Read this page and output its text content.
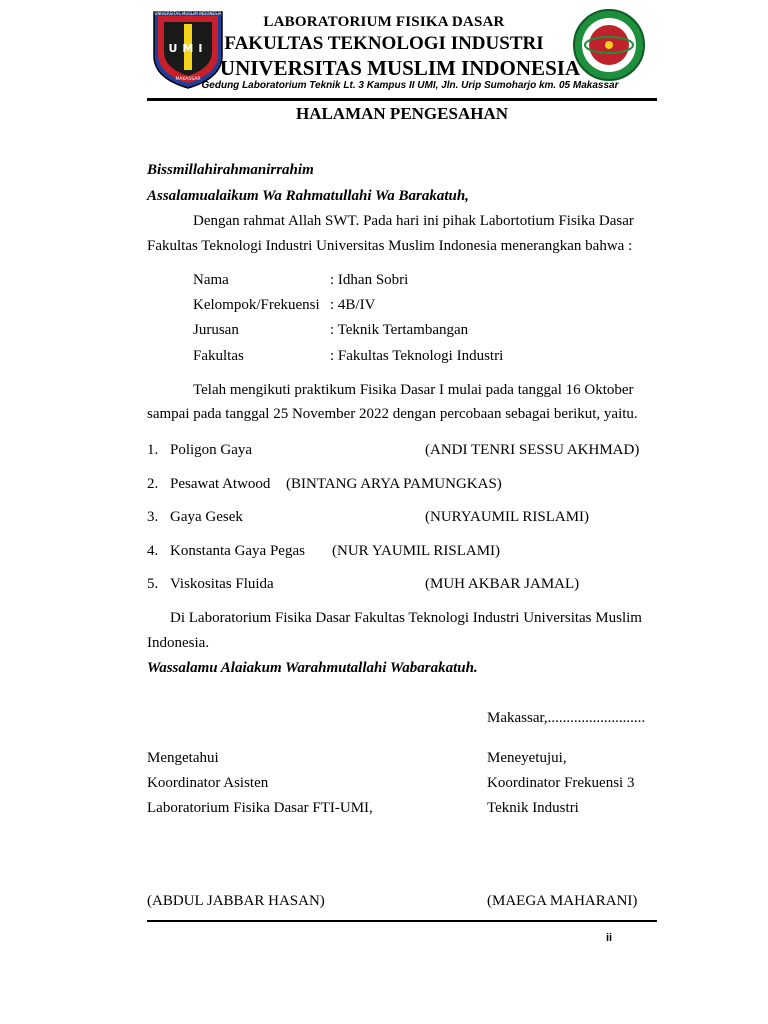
UNIVERSITAS MUSLIM INDONESIA
UMI
MAKASSAR
LABORATORIUM FISIKA DASAR
FAKULTAS TEKNOLOGI INDUSTRI
UNIVERSITAS MUSLIM INDONESIA
Gedung Laboratorium Teknik Lt. 3 Kampus II UMI, Jln. Urip Sumoharjo km. 05 Makassar
HALAMAN PENGESAHAN
Bissmillahirahmanirrahim
Assalamualaikum Wa Rahmatullahi Wa Barakatuh,
Dengan rahmat Allah SWT. Pada hari ini pihak Labortotium Fisika Dasar
Fakultas Teknologi Industri Universitas Muslim Indonesia menerangkan bahwa :
Nama	: Idhan Sobri
Kelompok/Frekuensi : 4B/IV
Jurusan	: Teknik Tertambangan
Fakultas	: Fakultas Teknologi Industri
Telah mengikuti praktikum Fisika Dasar I mulai pada tanggal 16 Oktober
sampai pada tanggal 25 November 2022 dengan percobaan sebagai berikut, yaitu.
1. Poligon Gaya	(ANDI TENRI SESSU AKHMAD)
2. Pesawat Atwood (BINTANG ARYA PAMUNGKAS)
3. Gaya Gesek	(NURYAUMIL RISLAMI)
4. Konstanta Gaya Pegas (NUR YAUMIL RISLAMI)
5. Viskositas Fluida	(MUH AKBAR JAMAL)
Di Laboratorium Fisika Dasar Fakultas Teknologi Industri Universitas Muslim
Indonesia.
Wassalamu Alaiakum Warahmutallahi Wabarakatuh.
Makassar,..........................
Mengetahui
Koordinator Asisten
Laboratorium Fisika Dasar FTI-UMI,
(ABDUL JABBAR HASAN)
Meneyetujui,
Koordinator Frekuensi 3
Teknik Industri
(MAEGA MAHARANI)
ii
